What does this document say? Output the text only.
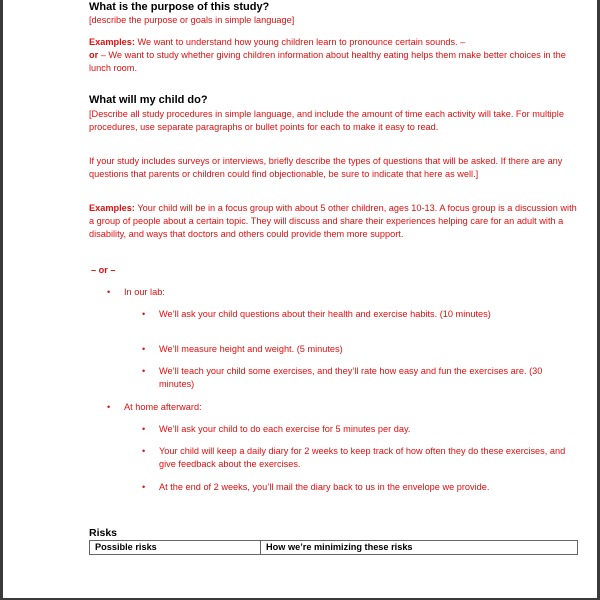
What is the purpose of this study?

[describe the purpose or goals in simple language]

Examples: We want to understand how young children learn to pronounce certain sounds. –
or – We want to study whether giving children information about healthy eating helps them make better choices in the lunch room.

What will my child do?

[Describe all study procedures in simple language, and include the amount of time each activity will take. For multiple procedures, use separate paragraphs or bullet points for each to make it easy to read.

If your study includes surveys or interviews, briefly describe the types of questions that will be asked. If there are any questions that parents or children could find objectionable, be sure to indicate that here as well.]

Examples: Your child will be in a focus group with about 5 other children, ages 10-13. A focus group is a discussion with a group of people about a certain topic. They will discuss and share their experiences helping care for an adult with a disability, and ways that doctors and others could provide them more support.

– or –

• In our lab:
• We’ll ask your child questions about their health and exercise habits. (10 minutes)
• We’ll measure height and weight. (5 minutes)
• We’ll teach your child some exercises, and they’ll rate how easy and fun the exercises are. (30 minutes)
• At home afterward:
• We’ll ask your child to do each exercise for 5 minutes per day.
• Your child will keep a daily diary for 2 weeks to keep track of how often they do these exercises, and give feedback about the exercises.
• At the end of 2 weeks, you’ll mail the diary back to us in the envelope we provide.
Risks
Possible risks	How we’re minimizing these risks
